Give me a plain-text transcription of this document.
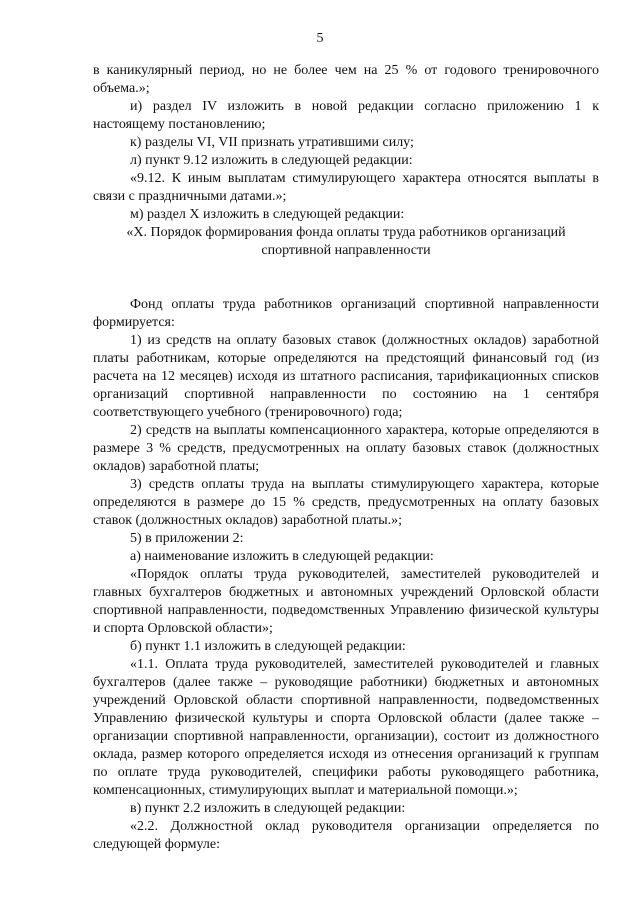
5

в каникулярный период, но не более чем на 25 % от годового тренировочного объема.»;

и) раздел IV изложить в новой редакции согласно приложению 1 к настоящему постановлению;

к) разделы VI, VII признать утратившими силу;

л) пункт 9.12 изложить в следующей редакции:

«9.12. К иным выплатам стимулирующего характера относятся выплаты в связи с праздничными датами.»;

м) раздел X изложить в следующей редакции:

«X. Порядок формирования фонда оплаты труда работников организаций спортивной направленности

Фонд оплаты труда работников организаций спортивной направленности формируется:

1) из средств на оплату базовых ставок (должностных окладов) заработной платы работникам, которые определяются на предстоящий финансовый год (из расчета на 12 месяцев) исходя из штатного расписания, тарификационных списков организаций спортивной направленности по состоянию на 1 сентября соответствующего учебного (тренировочного) года;

2) средств на выплаты компенсационного характера, которые определяются в размере 3 % средств, предусмотренных на оплату базовых ставок (должностных окладов) заработной платы;

3) средств оплаты труда на выплаты стимулирующего характера, которые определяются в размере до 15 % средств, предусмотренных на оплату базовых ставок (должностных окладов) заработной платы.»;

5) в приложении 2:

а) наименование изложить в следующей редакции:

«Порядок оплаты труда руководителей, заместителей руководителей и главных бухгалтеров бюджетных и автономных учреждений Орловской области спортивной направленности, подведомственных Управлению физической культуры и спорта Орловской области»;

б) пункт 1.1 изложить в следующей редакции:

«1.1. Оплата труда руководителей, заместителей руководителей и главных бухгалтеров (далее также – руководящие работники) бюджетных и автономных учреждений Орловской области спортивной направленности, подведомственных Управлению физической культуры и спорта Орловской области (далее также – организации спортивной направленности, организации), состоит из должностного оклада, размер которого определяется исходя из отнесения организаций к группам по оплате труда руководителей, специфики работы руководящего работника, компенсационных, стимулирующих выплат и материальной помощи.»;

в) пункт 2.2 изложить в следующей редакции:

«2.2. Должностной оклад руководителя организации определяется по следующей формуле:
